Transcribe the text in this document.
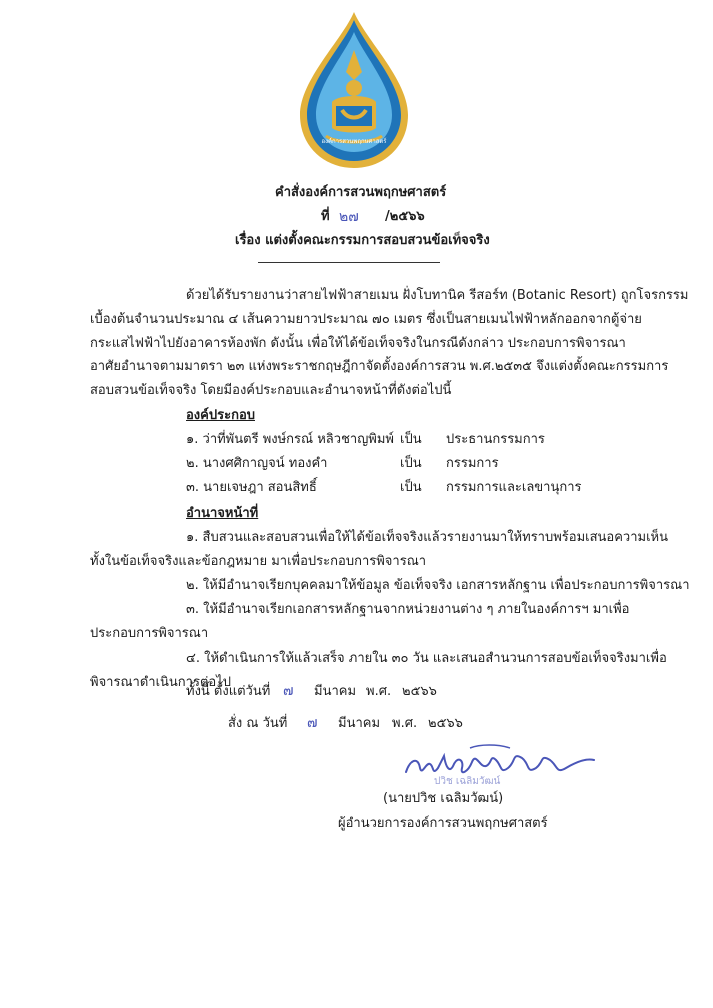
องค์การสวนพฤกษศาสตร์
คำสั่งองค์การสวนพฤกษศาสตร์
ที่ ๒๗ /๒๕๖๖
เรื่อง แต่งตั้งคณะกรรมการสอบสวนข้อเท็จจริง
ด้วยได้รับรายงานว่าสายไฟฟ้าสายเมน ฝั่งโบทานิค รีสอร์ท (Botanic Resort) ถูกโจรกรรม
เบื้องต้นจำนวนประมาณ ๔ เส้นความยาวประมาณ ๗๐ เมตร ซึ่งเป็นสายเมนไฟฟ้าหลักออกจากตู้จ่าย
กระแสไฟฟ้าไปยังอาคารห้องพัก ดังนั้น เพื่อให้ได้ข้อเท็จจริงในกรณีดังกล่าว ประกอบการพิจารณา
อาศัยอำนาจตามมาตรา ๒๓ แห่งพระราชกฤษฎีกาจัดตั้งองค์การสวน พ.ศ.๒๕๓๕ จึงแต่งตั้งคณะกรรมการ
สอบสวนข้อเท็จจริง โดยมีองค์ประกอบและอำนาจหน้าที่ดังต่อไปนี้
องค์ประกอบ
๑. ว่าที่พันตรี พงษ์กรณ์ หลิวชาญพิมพ์ เป็น ประธานกรรมการ
๒. นางศศิกาญจน์ ทองคำ	เป็น กรรมการ
๓. นายเจษฎา สอนสิทธิ์	เป็น กรรมการและเลขานุการ
อำนาจหน้าที่
๑. สืบสวนและสอบสวนเพื่อให้ได้ข้อเท็จจริงแล้วรายงานมาให้ทราบพร้อมเสนอความเห็น
ทั้งในข้อเท็จจริงและข้อกฎหมาย มาเพื่อประกอบการพิจารณา
๒. ให้มีอำนาจเรียกบุคคลมาให้ข้อมูล ข้อเท็จจริง เอกสารหลักฐาน เพื่อประกอบการพิจารณา
๓. ให้มีอำนาจเรียกเอกสารหลักฐานจากหน่วยงานต่าง ๆ ภายในองค์การฯ มาเพื่อ
ประกอบการพิจารณา
๔. ให้ดำเนินการให้แล้วเสร็จ ภายใน ๓๐ วัน และเสนอสำนวนการสอบข้อเท็จจริงมาเพื่อ
พิจารณาดำเนินการต่อไป
ทั้งนี้ ตั้งแต่วันที่ ๗ มีนาคม พ.ศ. ๒๕๖๖
สั่ง ณ วันที่ ๗ มีนาคม พ.ศ. ๒๕๖๖
ปวิช เฉลิมวัฒน์
(นายปวิช เฉลิมวัฒน์)
ผู้อำนวยการองค์การสวนพฤกษศาสตร์
